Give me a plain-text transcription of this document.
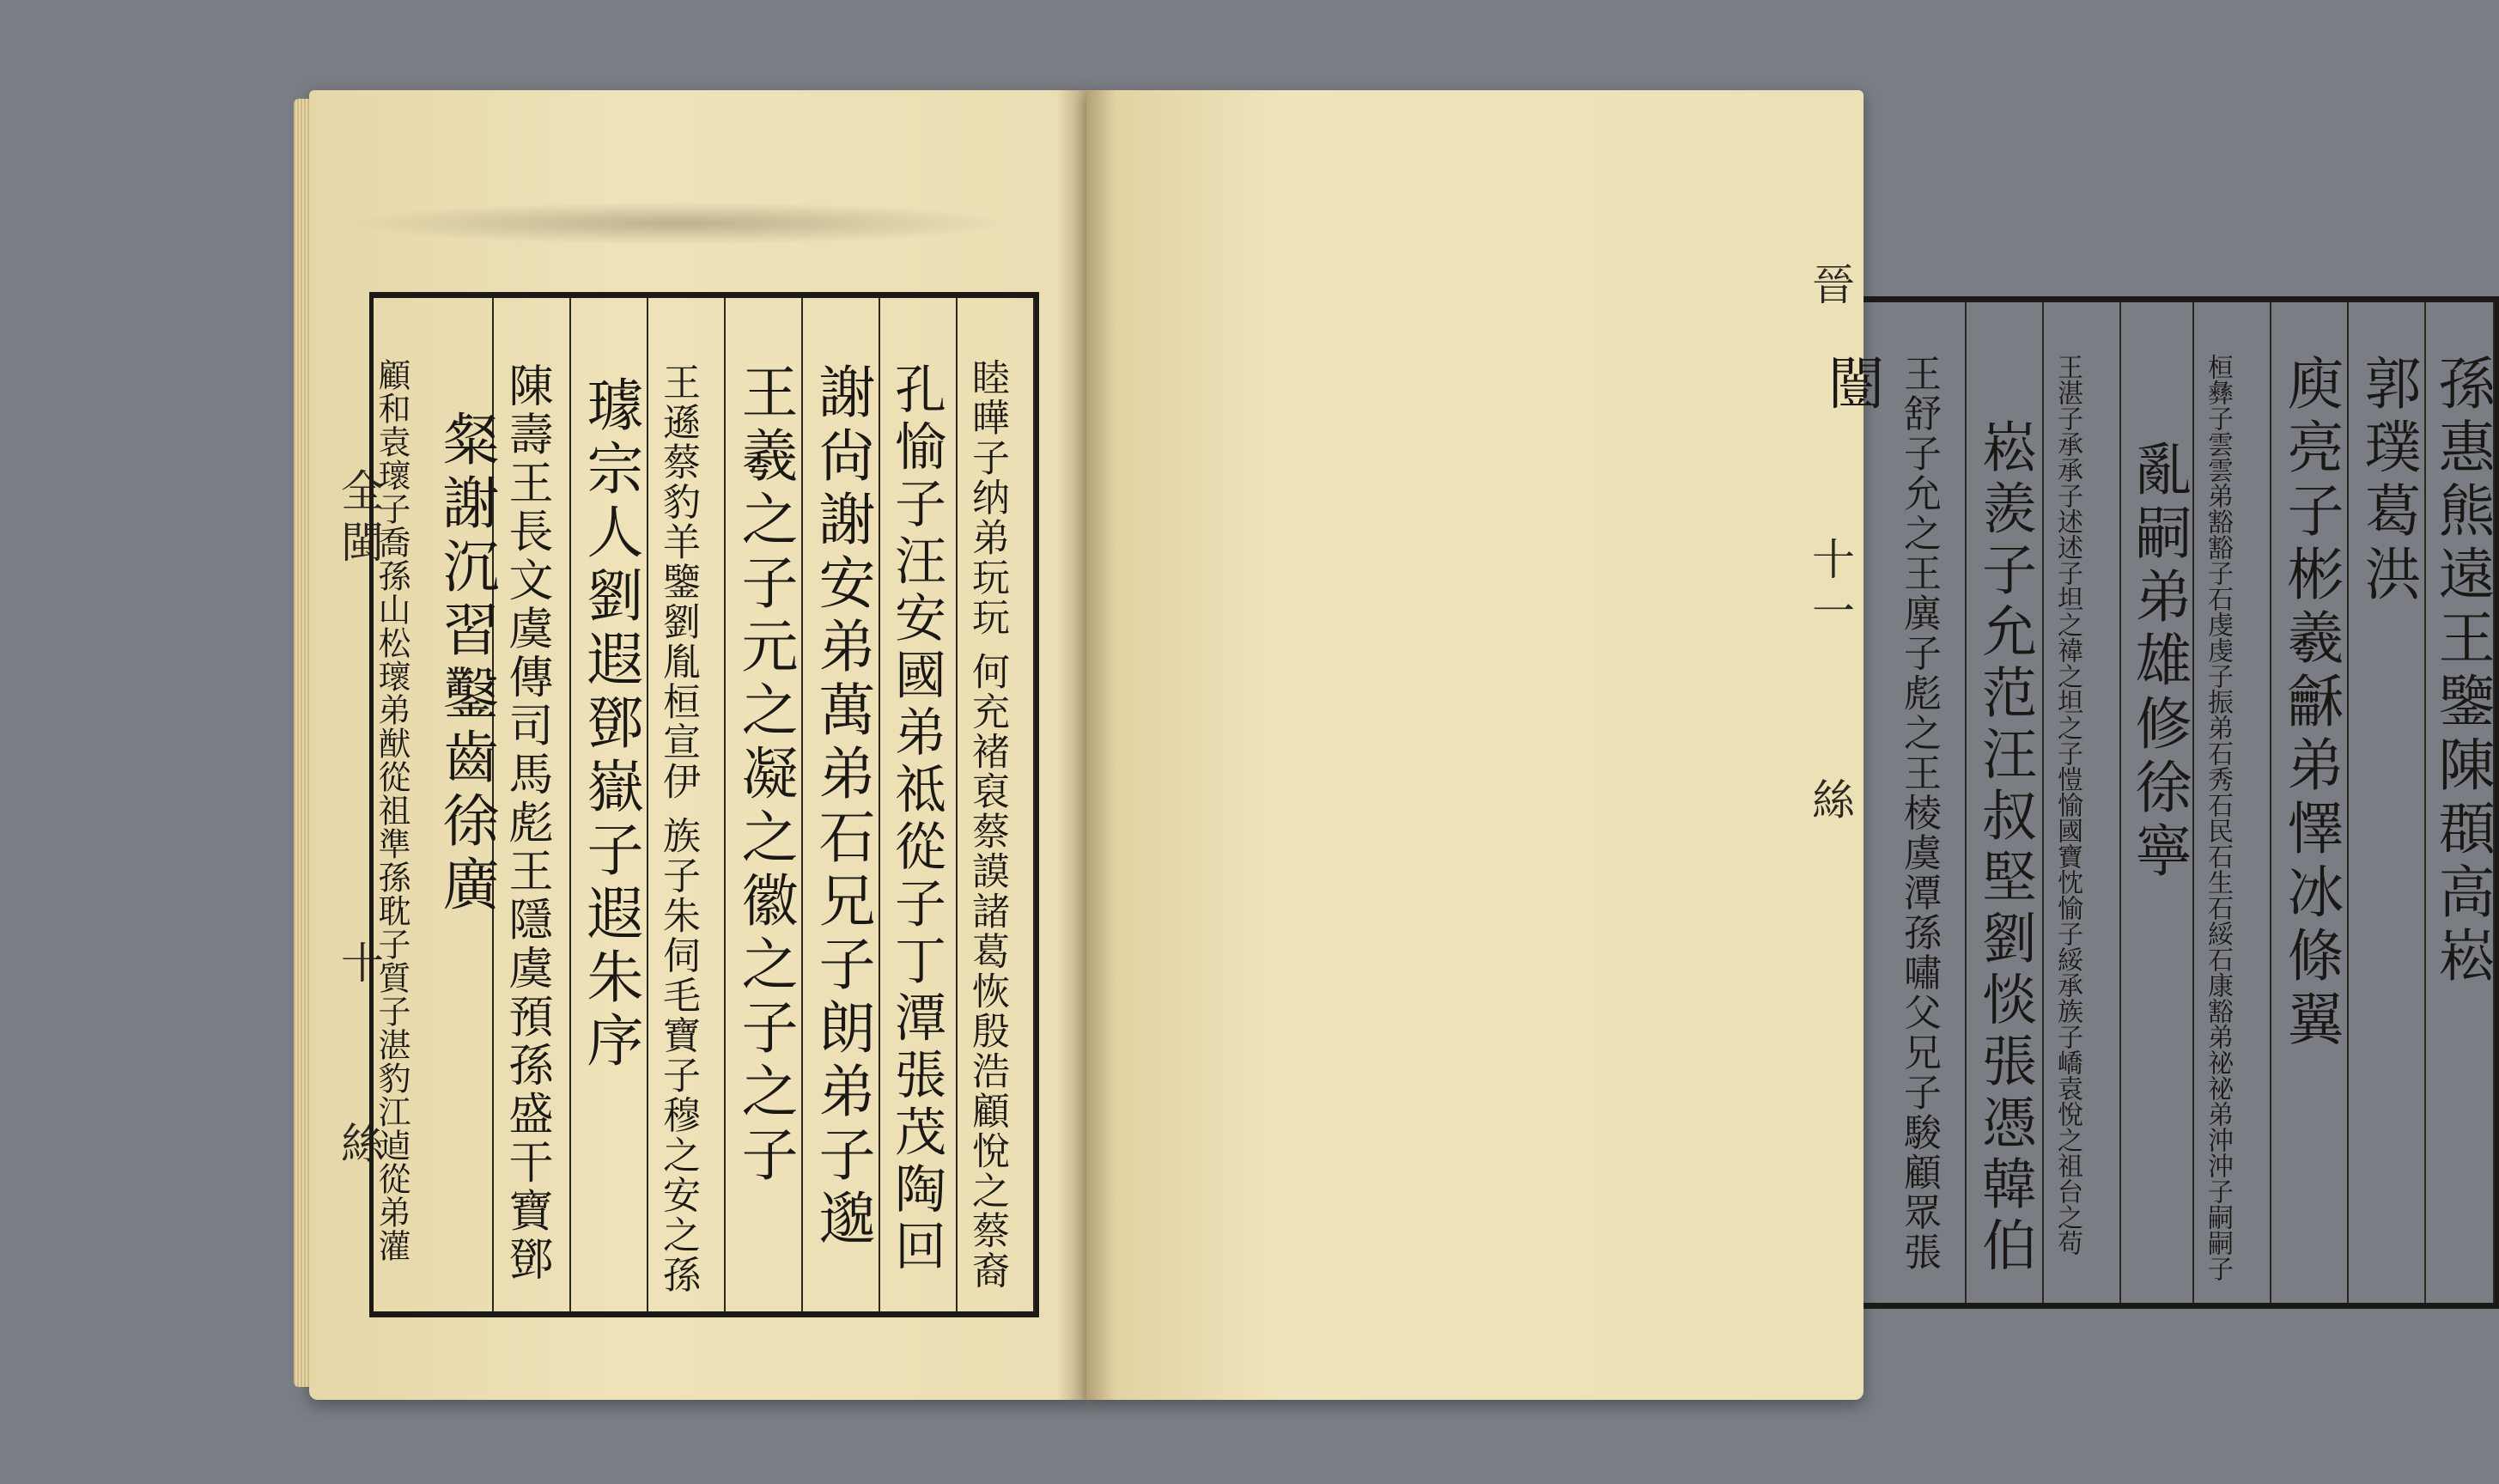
全閩
十
絲	睦曄子纳弟玩玩 何充褚裒蔡謨諸葛恢殷浩顧悅之蔡裔
孔愉子汪安國弟祗從子丁潭張茂陶回
謝尙謝安弟萬弟石兄子朗弟子邈
王羲之子元之凝之徽之子之子
王遜蔡豹羊鑒劉胤桓宣伊 族子朱伺毛寶子穆之安之孫
璩宗人劉遐鄧嶽子遐朱序
陳壽王長文虞傳司馬彪王隱虞預孫盛干寶鄧
粲謝沉習鑿齒徐廣
顧和袁瓌子喬孫山松瓌弟猷從祖準孫耽子質子湛豹江逌從弟灌
晉
十一
絲	孫惠熊遠王鑒陳頵高崧
郭璞葛洪
庾亮子彬羲龢弟懌冰條翼
桓彝子雲雲弟豁豁子石虔虔子振弟石秀石民石生石綏石康豁弟祕祕弟沖沖子嗣嗣子
亂嗣弟雄修徐寧
王湛子承承子述述子坦之禕之坦之子愷愉國寶忱愉子綏承族子嶠袁悅之祖台之苟
崧羨子允范汪叔堅劉惔張憑韓伯
王舒子允之王廙子彪之王棱虞潭孫嘯父兄子駿顧眾張
闓
